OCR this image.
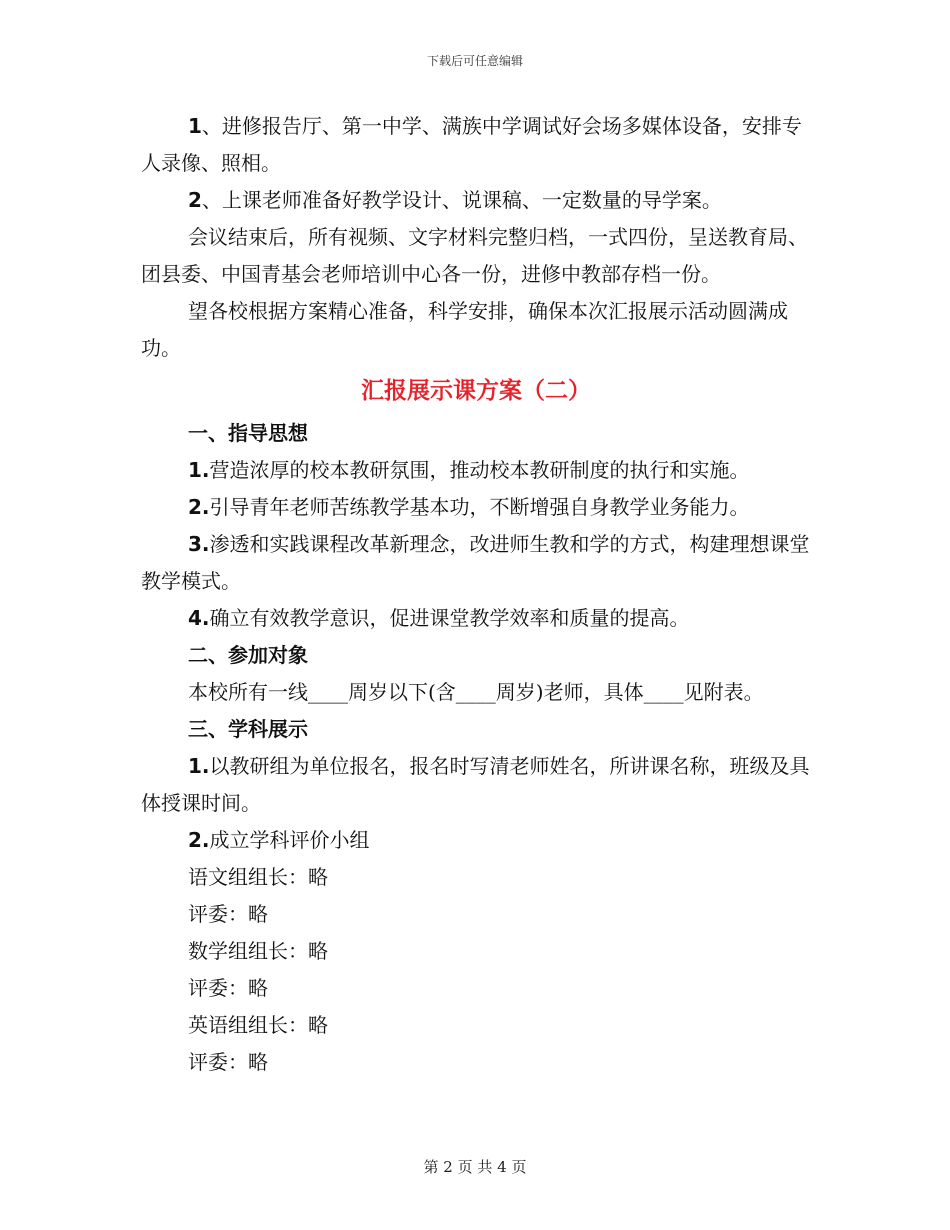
下载后可任意编辑

1、进修报告厅、第一中学、满族中学调试好会场多媒体设备，安排专人录像、照相。

2、上课老师准备好教学设计、说课稿、一定数量的导学案。

会议结束后，所有视频、文字材料完整归档，一式四份，呈送教育局、团县委、中国青基会老师培训中心各一份，进修中教部存档一份。

望各校根据方案精心准备，科学安排，确保本次汇报展示活动圆满成功。

汇报展示课方案（二）
一、指导思想

1.营造浓厚的校本教研氛围，推动校本教研制度的执行和实施。

2.引导青年老师苦练教学基本功，不断增强自身教学业务能力。

3.渗透和实践课程改革新理念，改进师生教和学的方式，构建理想课堂教学模式。

4.确立有效教学意识，促进课堂教学效率和质量的提高。

二、参加对象

本校所有一线____周岁以下(含____周岁)老师，具体____见附表。

三、学科展示

1.以教研组为单位报名，报名时写清老师姓名，所讲课名称，班级及具体授课时间。

2.成立学科评价小组

语文组组长：略

评委：略

数学组组长：略

评委：略

英语组组长：略

评委：略

第 2 页 共 4 页
